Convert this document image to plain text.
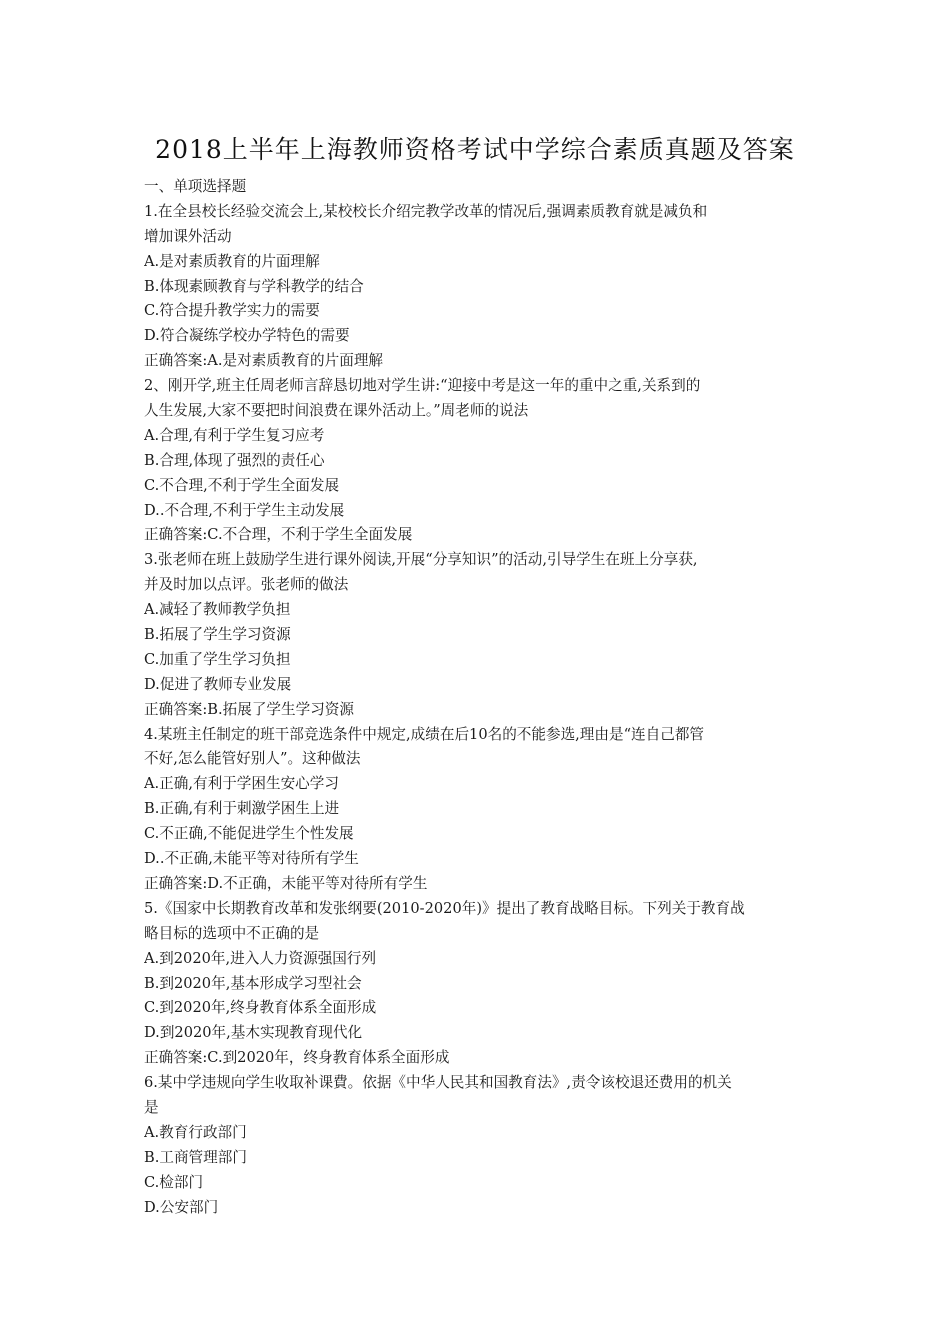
2018上半年上海教师资格考试中学综合素质真题及答案
一、单项选择题
1.在全县校长经验交流会上,某校校长介绍完教学改革的情况后,强调素质教育就是减负和
增加课外活动
A.是对素质教育的片面理解
B.体现素顾教育与学科教学的结合
C.符合提升教学实力的需要
D.符合凝练学校办学特色的需要
正确答案:A.是对素质教育的片面理解
2、刚开学,班主任周老师言辞恳切地对学生讲:“迎接中考是这一年的重中之重,关系到的
人生发展,大家不要把时间浪费在课外活动上。”周老师的说法
A.合理,有利于学生复习应考
B.合理,体现了强烈的责任心
C.不合理,不利于学生全面发展
D..不合理,不利于学生主动发展
正确答案:C.不合理，不利于学生全面发展
3.张老师在班上鼓励学生进行课外阅读,开展“分享知识”的活动,引导学生在班上分享获,
并及时加以点评。张老师的做法
A.减轻了教师教学负担
B.拓展了学生学习资源
C.加重了学生学习负担
D.促进了教师专业发展
正确答案:B.拓展了学生学习资源
4.某班主任制定的班干部竞选条件中规定,成绩在后10名的不能参选,理由是“连自己都管
不好,怎么能管好别人”。这种做法
A.正确,有利于学困生安心学习
B.正确,有利于刺激学困生上进
C.不正确,不能促进学生个性发展
D..不正确,未能平等对待所有学生
正确答案:D.不正确，未能平等对待所有学生
5.《国家中长期教育改革和发张纲要(2010-2020年)》提出了教育战略目标。下列关于教育战
略目标的选项中不正确的是
A.到2020年,进入人力资源强国行列
B.到2020年,基本形成学习型社会
C.到2020年,终身教育体系全面形成
D.到2020年,基木实现教育现代化
正确答案:C.到2020年，终身教育体系全面形成
6.某中学违规向学生收取补课費。依据《中华人民其和国教育法》,责令该校退还费用的机关
是
A.教育行政部门
B.工商管理部门
C.检部门
D.公安部门
